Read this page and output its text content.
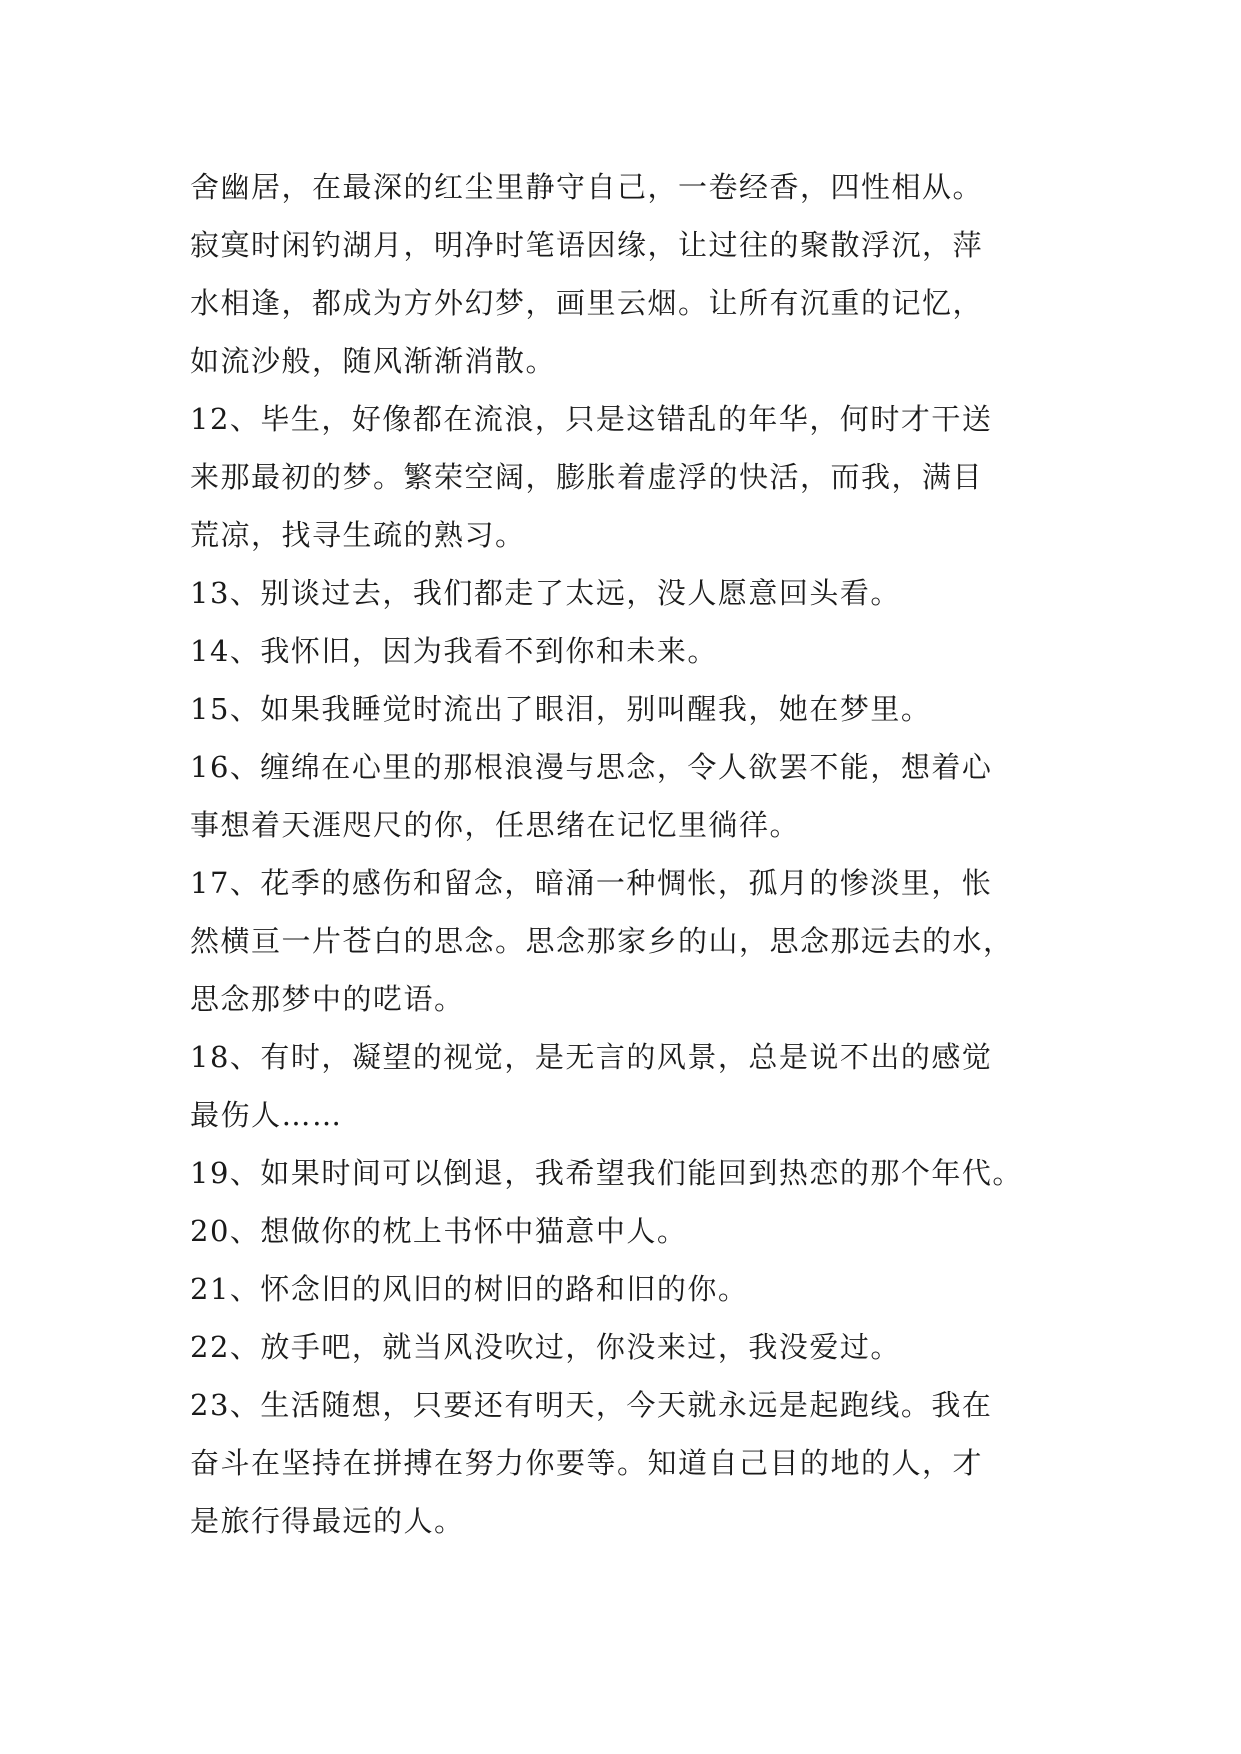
舍幽居，在最深的红尘里静守自己，一卷经香，四性相从。
寂寞时闲钓湖月，明净时笔语因缘，让过往的聚散浮沉，萍
水相逢，都成为方外幻梦，画里云烟。让所有沉重的记忆，
如流沙般，随风渐渐消散。
12、毕生，好像都在流浪，只是这错乱的年华，何时才干送
来那最初的梦。繁荣空阔，膨胀着虚浮的快活，而我，满目
荒凉，找寻生疏的熟习。
13、别谈过去，我们都走了太远，没人愿意回头看。
14、我怀旧，因为我看不到你和未来。
15、如果我睡觉时流出了眼泪，别叫醒我，她在梦里。
16、缠绵在心里的那根浪漫与思念，令人欲罢不能，想着心
事想着天涯咫尺的你，任思绪在记忆里徜徉。
17、花季的感伤和留念，暗涌一种惆怅，孤月的惨淡里，怅
然横亘一片苍白的思念。思念那家乡的山，思念那远去的水，
思念那梦中的呓语。
18、有时，凝望的视觉，是无言的风景，总是说不出的感觉
最伤人……
19、如果时间可以倒退，我希望我们能回到热恋的那个年代。
20、想做你的枕上书怀中猫意中人。
21、怀念旧的风旧的树旧的路和旧的你。
22、放手吧，就当风没吹过，你没来过，我没爱过。
23、生活随想，只要还有明天，今天就永远是起跑线。我在
奋斗在坚持在拼搏在努力你要等。知道自己目的地的人，才
是旅行得最远的人。
